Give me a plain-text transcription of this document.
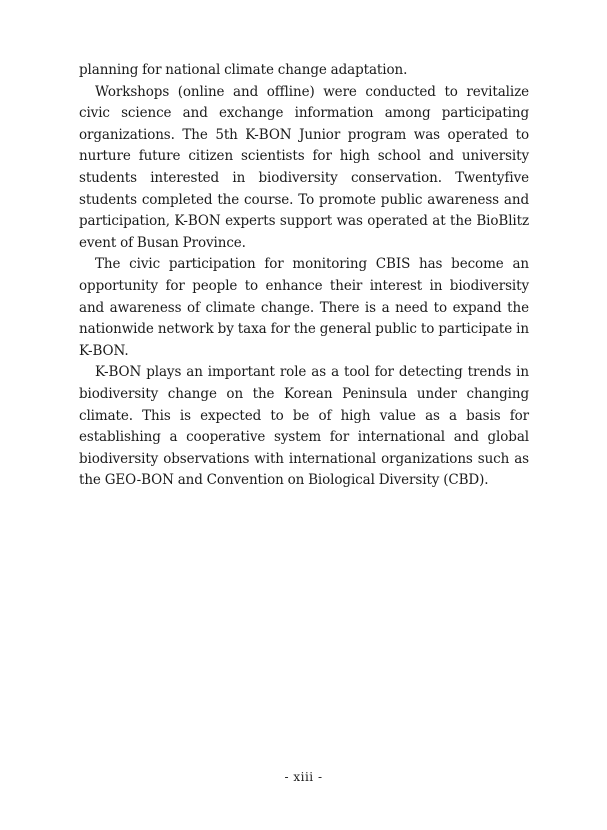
planning for national climate change adaptation.

Workshops (online and offline) were conducted to revitalize civic science and exchange information among participating organizations. The 5th K-BON Junior program was operated to nurture future citizen scientists for high school and university students interested in biodiversity conservation. Twentyfive students completed the course. To promote public awareness and participation, K-BON experts support was operated at the BioBlitz event of Busan Province.

The civic participation for monitoring CBIS has become an opportunity for people to enhance their interest in biodiversity and awareness of climate change. There is a need to expand the nationwide network by taxa for the general public to participate in K-BON.

K-BON plays an important role as a tool for detecting trends in biodiversity change on the Korean Peninsula under changing climate. This is expected to be of high value as a basis for establishing a cooperative system for international and global biodiversity observations with international organizations such as the GEO-BON and Convention on Biological Diversity (CBD).

- xiii -
